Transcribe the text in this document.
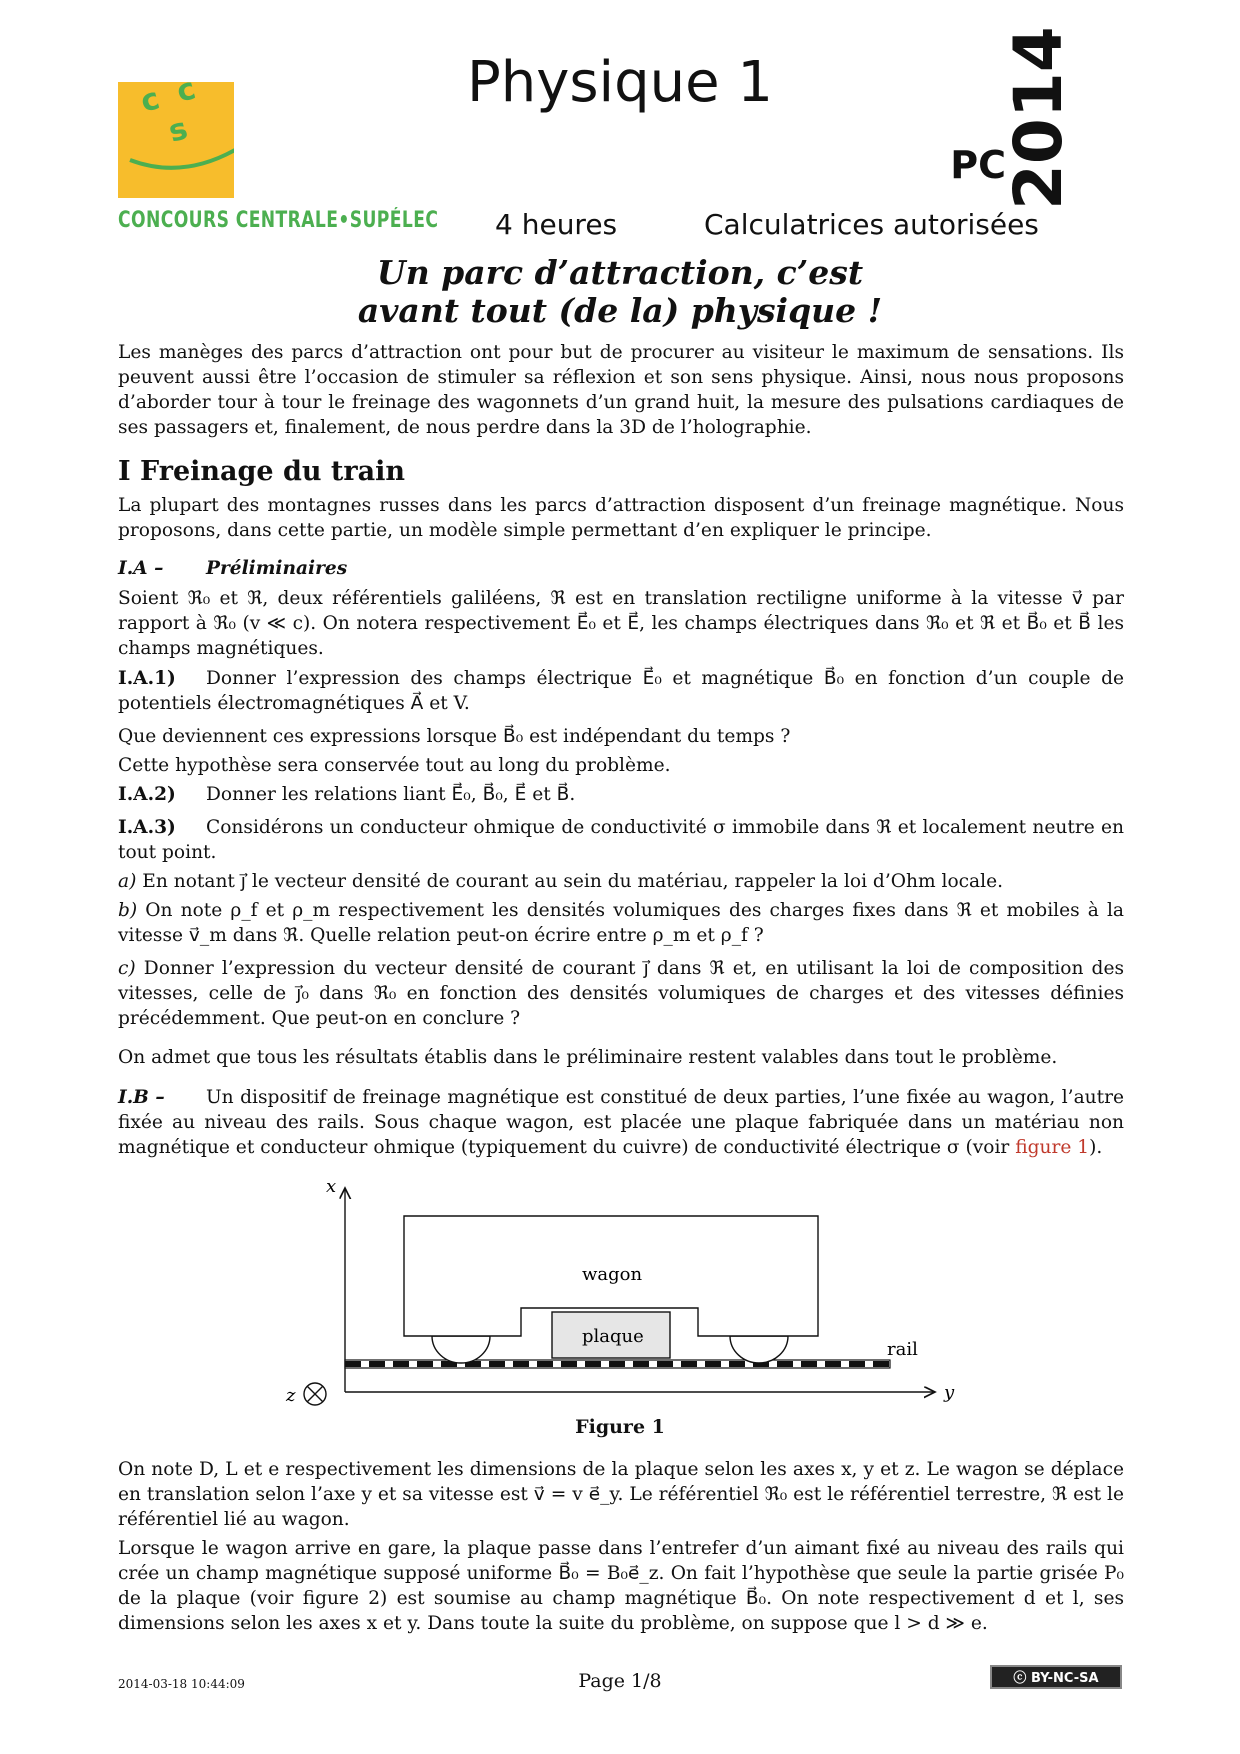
c c
s
CONCOURS CENTRALE•SUPÉLEC
Physique 1
PC
2014
4 heures	Calculatrices autorisées
Un parc d’attraction, c’est
avant tout (de la) physique !
Les manèges des parcs d’attraction ont pour but de procurer au visiteur le maximum de sensations. Ils peuvent aussi être l’occasion de stimuler sa réflexion et son sens physique. Ainsi, nous nous proposons d’aborder tour à tour le freinage des wagonnets d’un grand huit, la mesure des pulsations cardiaques de ses passagers et, finalement, de nous perdre dans la 3D de l’holographie.
I Freinage du train
La plupart des montagnes russes dans les parcs d’attraction disposent d’un freinage magnétique. Nous proposons, dans cette partie, un modèle simple permettant d’en expliquer le principe.
I.A – Préliminaires
Soient ℜ₀ et ℜ, deux référentiels galiléens, ℜ est en translation rectiligne uniforme à la vitesse v⃗ par rapport à ℜ₀ (v ≪ c). On notera respectivement E⃗₀ et E⃗, les champs électriques dans ℜ₀ et ℜ et B⃗₀ et B⃗ les champs magnétiques.
I.A.1) Donner l’expression des champs électrique E⃗₀ et magnétique B⃗₀ en fonction d’un couple de potentiels électromagnétiques A⃗ et V.
Que deviennent ces expressions lorsque B⃗₀ est indépendant du temps ?
Cette hypothèse sera conservée tout au long du problème.
I.A.2) Donner les relations liant E⃗₀, B⃗₀, E⃗ et B⃗.
I.A.3) Considérons un conducteur ohmique de conductivité σ immobile dans ℜ et localement neutre en tout point.
a) En notant j⃗ le vecteur densité de courant au sein du matériau, rappeler la loi d’Ohm locale.
b) On note ρ_f et ρ_m respectivement les densités volumiques des charges fixes dans ℜ et mobiles à la vitesse v⃗_m dans ℜ. Quelle relation peut-on écrire entre ρ_m et ρ_f ?
c) Donner l’expression du vecteur densité de courant j⃗ dans ℜ et, en utilisant la loi de composition des vitesses, celle de j⃗₀ dans ℜ₀ en fonction des densités volumiques de charges et des vitesses définies précédemment. Que peut-on en conclure ?
On admet que tous les résultats établis dans le préliminaire restent valables dans tout le problème.
I.B – Un dispositif de freinage magnétique est constitué de deux parties, l’une fixée au wagon, l’autre fixée au niveau des rails. Sous chaque wagon, est placée une plaque fabriquée dans un matériau non magnétique et conducteur ohmique (typiquement du cuivre) de conductivité électrique σ (voir figure 1).
x
y
z
rail
wagon
plaque
Figure 1
On note D, L et e respectivement les dimensions de la plaque selon les axes x, y et z. Le wagon se déplace en translation selon l’axe y et sa vitesse est v⃗ = v e⃗_y. Le référentiel ℜ₀ est le référentiel terrestre, ℜ est le référentiel lié au wagon.
Lorsque le wagon arrive en gare, la plaque passe dans l’entrefer d’un aimant fixé au niveau des rails qui crée un champ magnétique supposé uniforme B⃗₀ = B₀e⃗_z. On fait l’hypothèse que seule la partie grisée P₀ de la plaque (voir figure 2) est soumise au champ magnétique B⃗₀. On note respectivement d et l, ses dimensions selon les axes x et y. Dans toute la suite du problème, on suppose que l > d ≫ e.
2014-03-18 10:44:09	Page 1/8	ⓒ BY-NC-SA
